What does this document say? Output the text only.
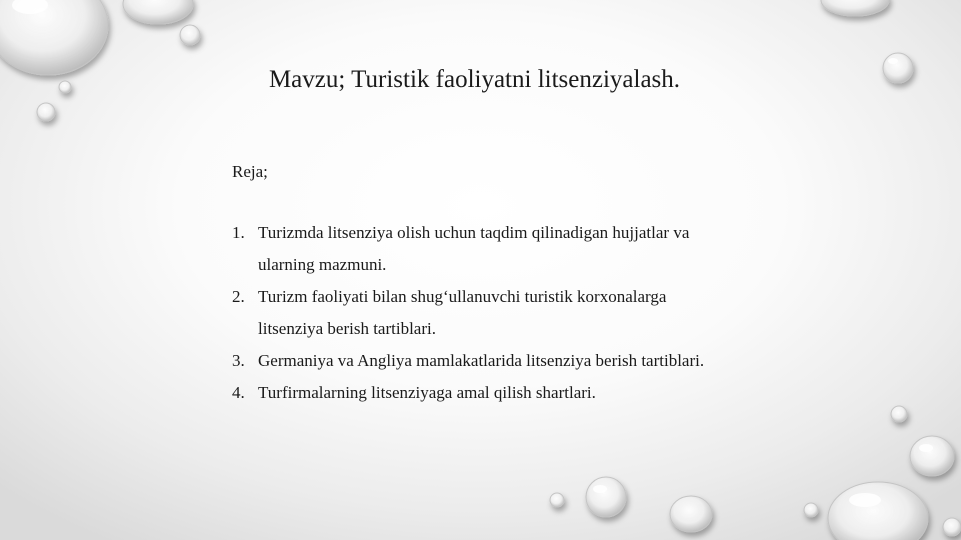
Mavzu; Turistik faoliyatni litsenziyalash.

Reja;

1. Turizmda litsenziya olish uchun taqdim qilinadigan hujjatlar va ularning mazmuni.
2. Turizm faoliyati bilan shug‘ullanuvchi turistik korxonalarga litsenziya berish tartiblari.
3. Germaniya va Angliya mamlakatlarida litsenziya berish tartiblari.
4. Turfirmalarning litsenziyaga amal qilish shartlari.
